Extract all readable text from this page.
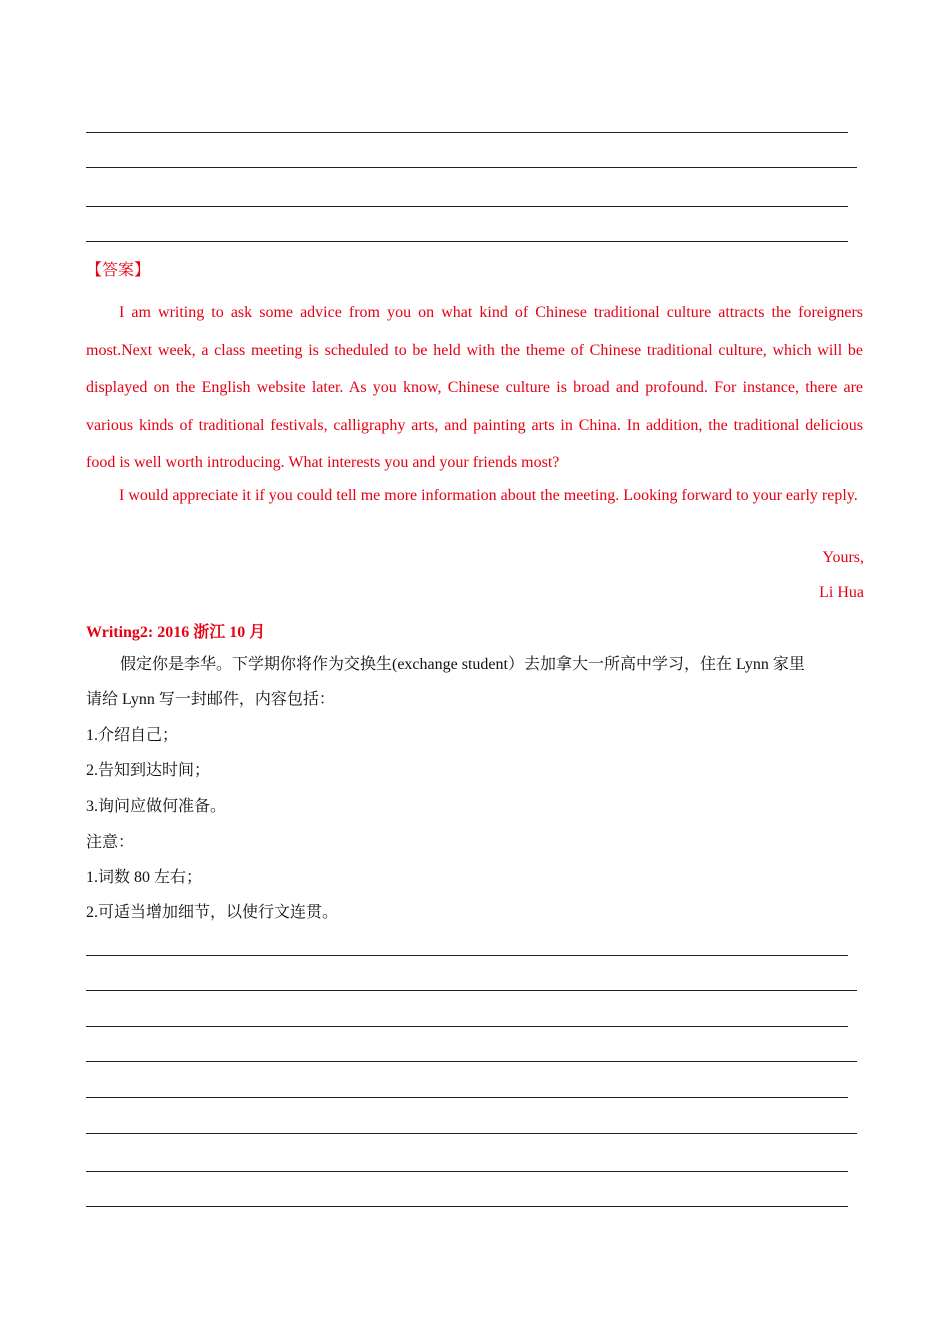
【答案】

I am writing to ask some advice from you on what kind of Chinese traditional culture attracts the foreigners most.Next week, a class meeting is scheduled to be held with the theme of Chinese traditional culture, which will be displayed on the English website later. As you know, Chinese culture is broad and profound. For instance, there are various kinds of traditional festivals, calligraphy arts, and painting arts in China. In addition, the traditional delicious food is well worth introducing. What interests you and your friends most?

I would appreciate it if you could tell me more information about the meeting. Looking forward to your early reply.

Yours,
Li Hua
Writing2: 2016 浙江 10 月
假定你是李华。下学期你将作为交换生(exchange student）去加拿大一所高中学习，住在 Lynn 家里
请给 Lynn 写一封邮件，内容包括：
1.介绍自己；
2.告知到达时间；
3.询问应做何准备。
注意：
1.词数 80 左右；
2.可适当增加细节，以使行文连贯。
